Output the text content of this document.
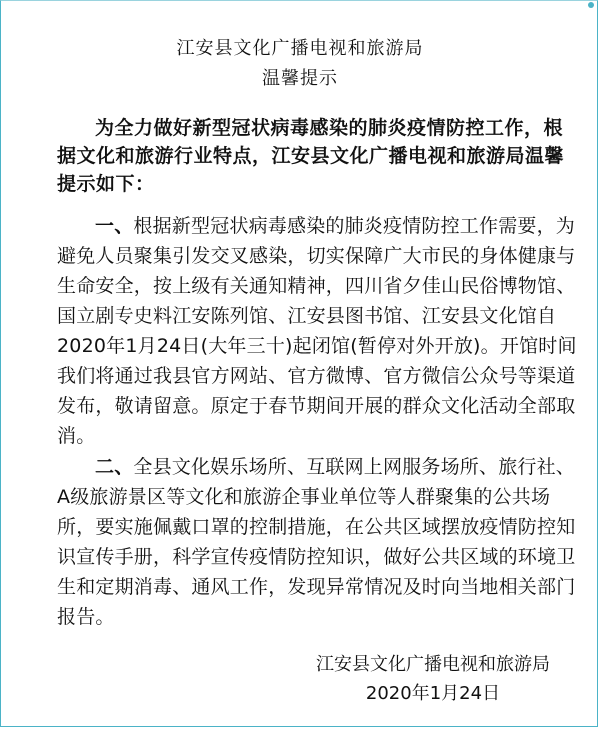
江安县文化广播电视和旅游局
温馨提示

为全力做好新型冠状病毒感染的肺炎疫情防控工作，根据文化和旅游行业特点，江安县文化广播电视和旅游局温馨提示如下：

一、根据新型冠状病毒感染的肺炎疫情防控工作需要，为避免人员聚集引发交叉感染，切实保障广大市民的身体健康与生命安全，按上级有关通知精神，四川省夕佳山民俗博物馆、国立剧专史料江安陈列馆、江安县图书馆、江安县文化馆自2020年1月24日(大年三十)起闭馆(暂停对外开放)。开馆时间我们将通过我县官方网站、官方微博、官方微信公众号等渠道发布，敬请留意。原定于春节期间开展的群众文化活动全部取消。

二、全县文化娱乐场所、互联网上网服务场所、旅行社、A级旅游景区等文化和旅游企事业单位等人群聚集的公共场所，要实施佩戴口罩的控制措施，在公共区域摆放疫情防控知识宣传手册，科学宣传疫情防控知识，做好公共区域的环境卫生和定期消毒、通风工作，发现异常情况及时向当地相关部门报告。

江安县文化广播电视和旅游局
2020年1月24日
